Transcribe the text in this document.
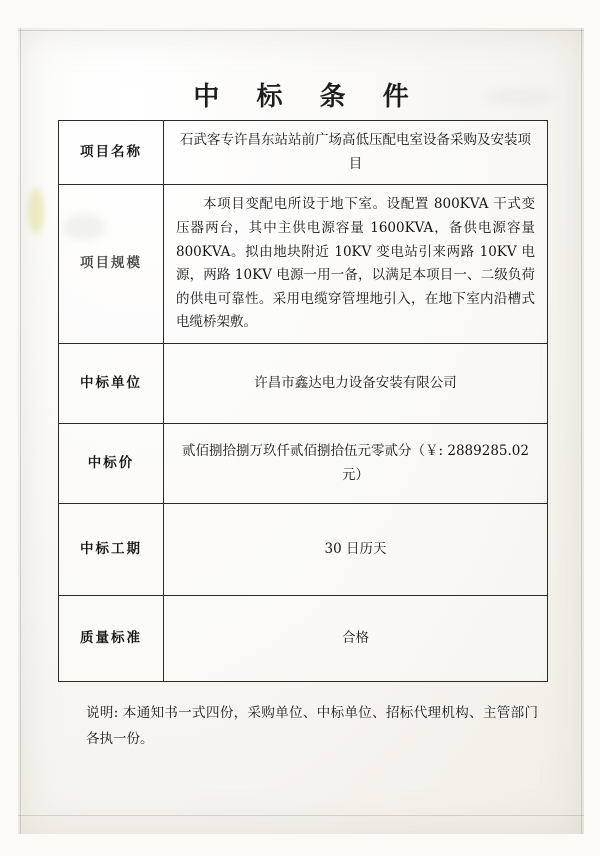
中 标 条 件
项目名称	石武客专许昌东站站前广场高低压配电室设备采购及安装项目
项目规模	本项目变配电所设于地下室。设配置 800KVA 干式变压器两台，其中主供电源容量 1600KVA，备供电源容量 800KVA。拟由地块附近 10KV 变电站引来两路 10KV 电源，两路 10KV 电源一用一备，以满足本项目一、二级负荷的供电可靠性。采用电缆穿管埋地引入，在地下室内沿槽式电缆桥架敷。
中标单位	许昌市鑫达电力设备安装有限公司
中标价	贰佰捌拾捌万玖仟贰佰捌拾伍元零贰分（￥: 2889285.02 元）
中标工期	30 日历天
质量标准	合格
说明: 本通知书一式四份，采购单位、中标单位、招标代理机构、主管部门各执一份。
